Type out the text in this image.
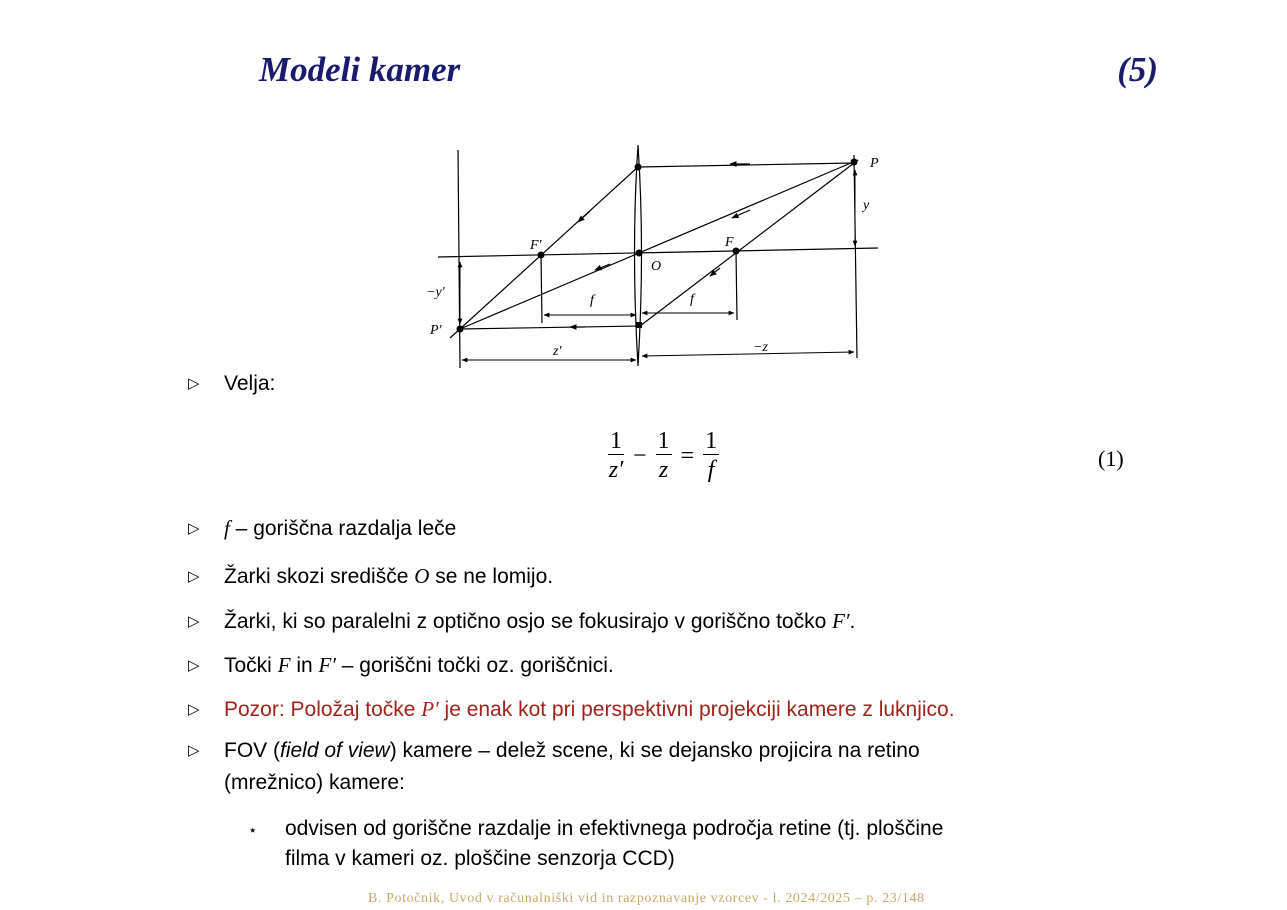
Modeli kamer	(5)
P
y
F'	F
O
−y'
P'
f	f
z'	−z
▷ Velja:
$\frac{1}{z'} - \frac{1}{z} = \frac{1}{f}$	(1)
▷ f – goriščna razdalja leče
▷ Žarki skozi središče O se ne lomijo.
▷ Žarki, ki so paralelni z optično osjo se fokusirajo v goriščno točko F′.
▷ Točki F in F′ – goriščni točki oz. goriščnici.
▷ Pozor: Položaj točke P′ je enak kot pri perspektivni projekciji kamere z luknjico.
▷ FOV (field of view) kamere – delež scene, ki se dejansko projicira na retino
(mrežnico) kamere:
⋆ odvisen od goriščne razdalje in efektivnega področja retine (tj. ploščine
filma v kameri oz. ploščine senzorja CCD)
B. Potočnik, Uvod v računalniški vid in razpoznavanje vzorcev - l. 2024/2025 – p. 23/148
